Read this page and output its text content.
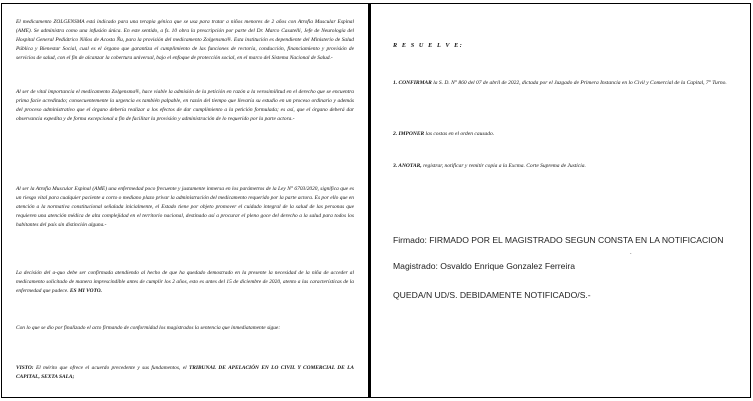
El medicamento ZOLGENSMA está indicado para una terapia génica que se usa para tratar a niños menores de 2 años con Atrofia Muscular Espinal (AME). Se administra como una infusión única. En este sentido, a fs. 10 obra la prescripción por parte del Dr. Marco Casatelli, Jefe de Neurología del Hospital General Pediátrico Niños de Acosta Ñu, para la provisión del medicamento Zolgensma®. Esta institución es dependiente del Ministerio de Salud Pública y Bienestar Social, cual es el órgano que garantiza el cumplimiento de las funciones de rectoría, conducción, financiamiento y provisión de servicios de salud, con el fin de alcanzar la cobertura universal, bajo el enfoque de protección social, en el marco del Sistema Nacional de Salud.-

Al ser de vital importancia el medicamento Zolgensma®, hace viable la admisión de la petición en razón a la verosimilitud en el derecho que se encuentra prima facie acreditado; consecuentemente la urgencia es también palpable, en razón del tiempo que llevaría su estudio en un proceso ordinario y además del proceso administrativo que el órgano debería realizar a los efectos de dar cumplimiento a la petición formulada; es así, que el órgano deberá dar observancia expedita y de forma excepcional a fin de facilitar la provisión y administración de lo requerido por la parte actora.-

Al ser la Atrofia Muscular Espinal (AME) una enfermedad poco frecuente y justamente inmersa en los parámetros de la Ley N° 6703/2020, significa que es un riesgo vital para cualquier paciente a corto o mediano plazo privar la administración del medicamento requerido por la parte actora. Es por ello que en atención a la normativa constitucional señalada inicialmente, el Estado tiene por objeto promover el cuidado integral de la salud de las personas que requieren una atención médica de alta complejidad en el territorio nacional, destinado así a procurar el pleno goce del derecho a la salud para todos los habitantes del país sin distinción alguna.-

La decisión del a-quo debe ser confirmada atendiendo al hecho de que ha quedado demostrado en la presente la necesidad de la niña de acceder al medicamento solicitado de manera imprescindible antes de cumplir los 2 años, esto es antes del 15 de diciembre de 2020, atento a las características de la enfermedad que padece. ES MI VOTO.

Con lo que se dio por finalizado el acto firmando de conformidad los magistrados la sentencia que inmediatamente sigue:

VISTO: El mérito que ofrece el acuerdo precedente y sus fundamentos, el TRIBUNAL DE APELACIÓN EN LO CIVIL Y COMERCIAL DE LA CAPITAL, SEXTA SALA;

R E S U E L V E:
1. CONFIRMAR la S. D. N° 860 del 07 de abril de 2022, dictada por el Juzgado de Primera Instancia en lo Civil y Comercial de la Capital, 7° Turno.
2. IMPONER las costas en el orden causado.
3. ANOTAR, registrar, notificar y remitir copia a la Excma. Corte Suprema de Justicia.
Firmado: FIRMADO POR EL MAGISTRADO SEGUN CONSTA EN LA NOTIFICACION
.
Magistrado: Osvaldo Enrique Gonzalez Ferreira
QUEDA/N UD/S. DEBIDAMENTE NOTIFICADO/S.-
